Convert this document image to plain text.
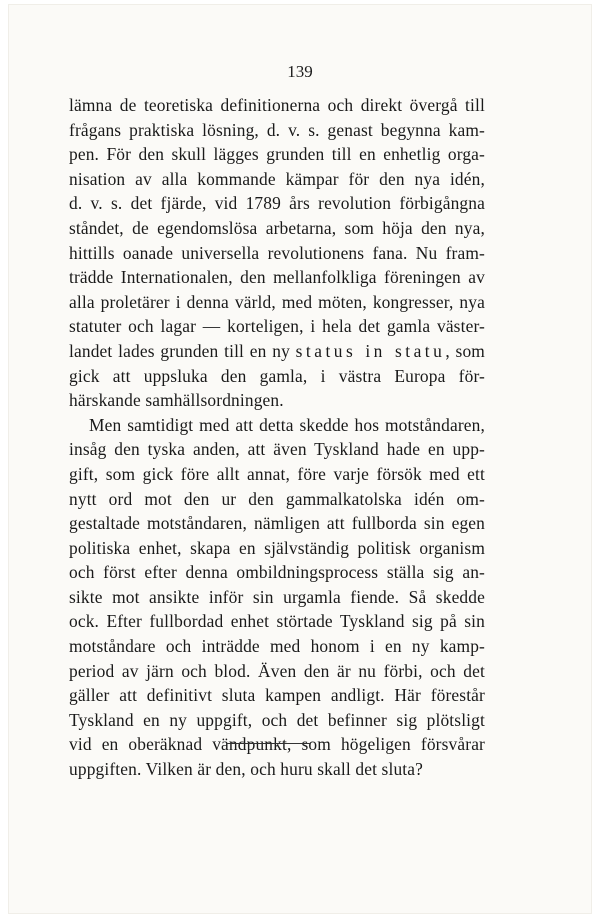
139
lämna de teoretiska definitionerna och direkt övergå till
frågans praktiska lösning, d. v. s. genast begynna kam-
pen. För den skull lägges grunden till en enhetlig orga-
nisation av alla kommande kämpar för den nya idén,
d. v. s. det fjärde, vid 1789 års revolution förbigångna
ståndet, de egendomslösa arbetarna, som höja den nya,
hittills oanade universella revolutionens fana. Nu fram-
trädde Internationalen, den mellanfolkliga föreningen av
alla proletärer i denna värld, med möten, kongresser, nya
statuter och lagar — korteligen, i hela det gamla väster-
landet lades grunden till en ny status in statu, som
gick att uppsluka den gamla, i västra Europa för-
härskande samhällsordningen.
Men samtidigt med att detta skedde hos motståndaren,
insåg den tyska anden, att även Tyskland hade en upp-
gift, som gick före allt annat, före varje försök med ett
nytt ord mot den ur den gammalkatolska idén om-
gestaltade motståndaren, nämligen att fullborda sin egen
politiska enhet, skapa en självständig politisk organism
och först efter denna ombildningsprocess ställa sig an-
sikte mot ansikte inför sin urgamla fiende. Så skedde
ock. Efter fullbordad enhet störtade Tyskland sig på sin
motståndare och inträdde med honom i en ny kamp-
period av järn och blod. Även den är nu förbi, och det
gäller att definitivt sluta kampen andligt. Här förestår
Tyskland en ny uppgift, och det befinner sig plötsligt
vid en oberäknad vändpunkt, som högeligen försvårar
uppgiften. Vilken är den, och huru skall det sluta?
